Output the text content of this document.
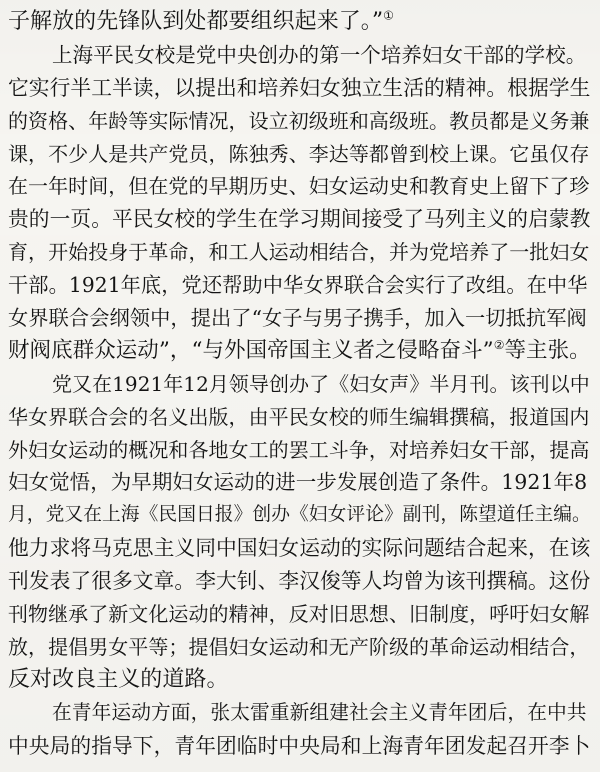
子解放的先锋队到处都要组织起来了。”①
上海平民女校是党中央创办的第一个培养妇女干部的学校。
它实行半工半读，以提出和培养妇女独立生活的精神。根据学生
的资格、年龄等实际情况，设立初级班和高级班。教员都是义务兼
课，不少人是共产党员，陈独秀、李达等都曾到校上课。它虽仅存
在一年时间，但在党的早期历史、妇女运动史和教育史上留下了珍
贵的一页。平民女校的学生在学习期间接受了马列主义的启蒙教
育，开始投身于革命，和工人运动相结合，并为党培养了一批妇女
干部。1921年底，党还帮助中华女界联合会实行了改组。在中华
女界联合会纲领中，提出了“女子与男子携手，加入一切抵抗军阀
财阀底群众运动”，“与外国帝国主义者之侵略奋斗”②等主张。
党又在1921年12月领导创办了《妇女声》半月刊。该刊以中
华女界联合会的名义出版，由平民女校的师生编辑撰稿，报道国内
外妇女运动的概况和各地女工的罢工斗争，对培养妇女干部，提高
妇女觉悟，为早期妇女运动的进一步发展创造了条件。1921年8
月，党又在上海《民国日报》创办《妇女评论》副刊，陈望道任主编。
他力求将马克思主义同中国妇女运动的实际问题结合起来，在该
刊发表了很多文章。李大钊、李汉俊等人均曾为该刊撰稿。这份
刊物继承了新文化运动的精神，反对旧思想、旧制度，呼吁妇女解
放，提倡男女平等；提倡妇女运动和无产阶级的革命运动相结合，
反对改良主义的道路。
在青年运动方面，张太雷重新组建社会主义青年团后，在中共
中央局的指导下，青年团临时中央局和上海青年团发起召开李卜
